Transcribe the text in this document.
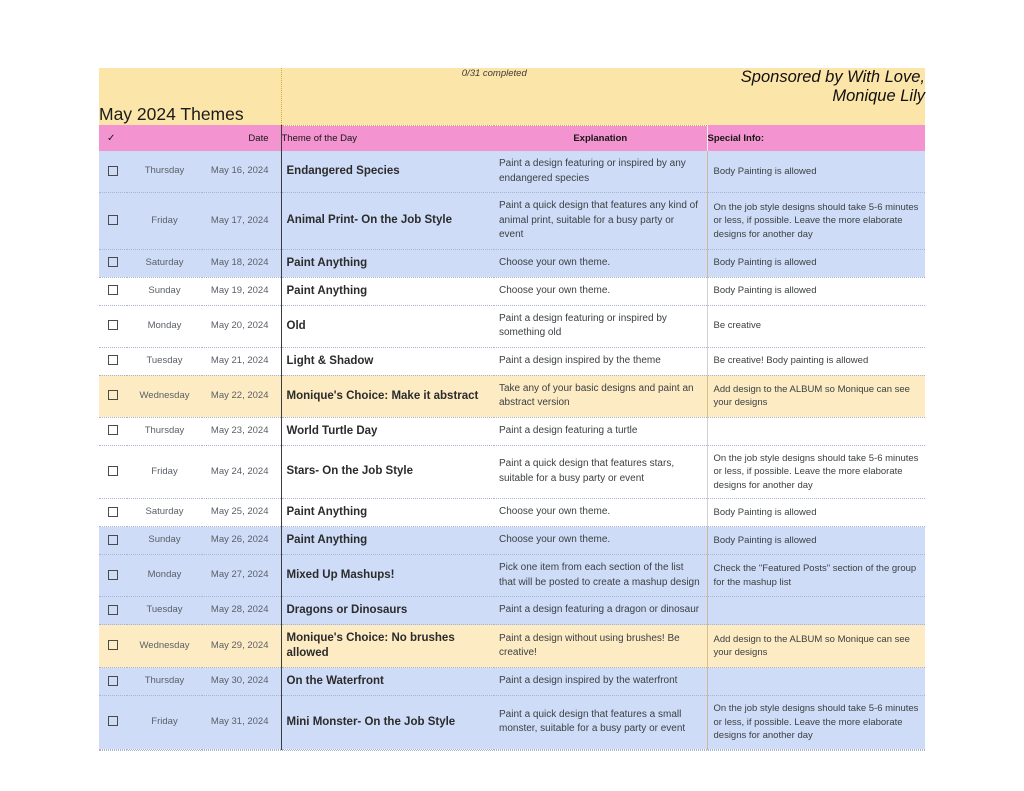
May 2024 Themes			0/31 completed		Sponsored by With Love, Monique Lily
✓		Date	Theme of the Day	Explanation	Special Info:
	Thursday	May 16, 2024	Endangered Species	Paint a design featuring or inspired by any endangered species	Body Painting is allowed
	Friday	May 17, 2024	Animal Print- On the Job Style	Paint a quick design that features any kind of animal print, suitable for a busy party or event	On the job style designs should take 5-6 minutes or less, if possible. Leave the more elaborate designs for another day
	Saturday	May 18, 2024	Paint Anything	Choose your own theme.	Body Painting is allowed
	Sunday	May 19, 2024	Paint Anything	Choose your own theme.	Body Painting is allowed
	Monday	May 20, 2024	Old	Paint a design featuring or inspired by something old	Be creative
	Tuesday	May 21, 2024	Light & Shadow	Paint a design inspired by the theme	Be creative! Body painting is allowed
	Wednesday	May 22, 2024	Monique's Choice: Make it abstract	Take any of your basic designs and paint an abstract version	Add design to the ALBUM so Monique can see your designs
	Thursday	May 23, 2024	World Turtle Day	Paint a design featuring a turtle	
	Friday	May 24, 2024	Stars- On the Job Style	Paint a quick design that features stars, suitable for a busy party or event	On the job style designs should take 5-6 minutes or less, if possible. Leave the more elaborate designs for another day
	Saturday	May 25, 2024	Paint Anything	Choose your own theme.	Body Painting is allowed
	Sunday	May 26, 2024	Paint Anything	Choose your own theme.	Body Painting is allowed
	Monday	May 27, 2024	Mixed Up Mashups!	Pick one item from each section of the list that will be posted to create a mashup design	Check the "Featured Posts" section of the group for the mashup list
	Tuesday	May 28, 2024	Dragons or Dinosaurs	Paint a design featuring a dragon or dinosaur	
	Wednesday	May 29, 2024	Monique's Choice: No brushes allowed	Paint a design without using brushes! Be creative!	Add design to the ALBUM so Monique can see your designs
	Thursday	May 30, 2024	On the Waterfront	Paint a design inspired by the waterfront	
	Friday	May 31, 2024	Mini Monster- On the Job Style	Paint a quick design that features a small monster, suitable for a busy party or event	On the job style designs should take 5-6 minutes or less, if possible. Leave the more elaborate designs for another day
